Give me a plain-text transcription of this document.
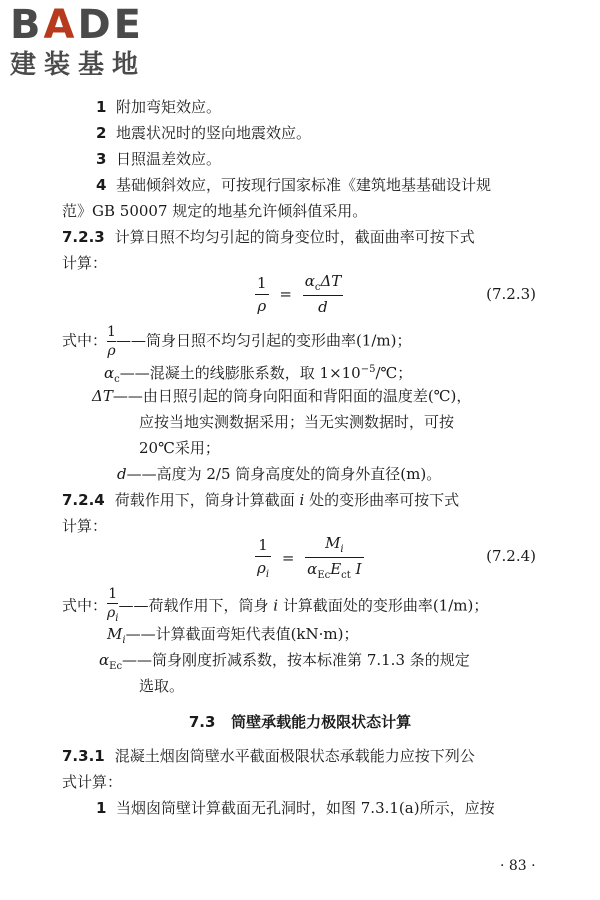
BADE
建装基地
1 附加弯矩效应。
2 地震状况时的竖向地震效应。
3 日照温差效应。
4 基础倾斜效应，可按现行国家标准《建筑地基基础设计规
范》GB 50007 规定的地基允许倾斜值采用。
7.2.3 计算日照不均匀引起的筒身变位时，截面曲率可按下式
计算：
$\frac{1}{\rho} = \frac{\alpha_c\Delta T}{d}$	(7.2.3)
式中：$\frac{1}{\rho}——$筒身日照不均匀引起的变形曲率(1/m)；
$\alpha_c——$混凝土的线膨胀系数，取 $1\times 10^{-5}/℃$；
ΔT——由日照引起的筒身向阳面和背阳面的温度差(℃)，
应按当地实测数据采用；当无实测数据时，可按
20℃采用；
d——高度为 2/5 筒身高度处的筒身外直径(m)。
7.2.4 荷载作用下，筒身计算截面 i 处的变形曲率可按下式
计算：
$\frac{1}{\rho_i} = \frac{M_i}{\alpha_{Ec}E_{ct} I}$	(7.2.4)
式中：$\frac{1}{\rho_i}——$荷载作用下，筒身 i 计算截面处的变形曲率(1/m)；
$M_i——$计算截面弯矩代表值(kN·m)；
$\alpha_{Ec}——$筒身刚度折减系数，按本标准第 7.1.3 条的规定
选取。
7.3 筒壁承载能力极限状态计算
7.3.1 混凝土烟囱筒壁水平截面极限状态承载能力应按下列公
式计算：
1 当烟囱筒壁计算截面无孔洞时，如图 7.3.1(a)所示，应按
· 83 ·
